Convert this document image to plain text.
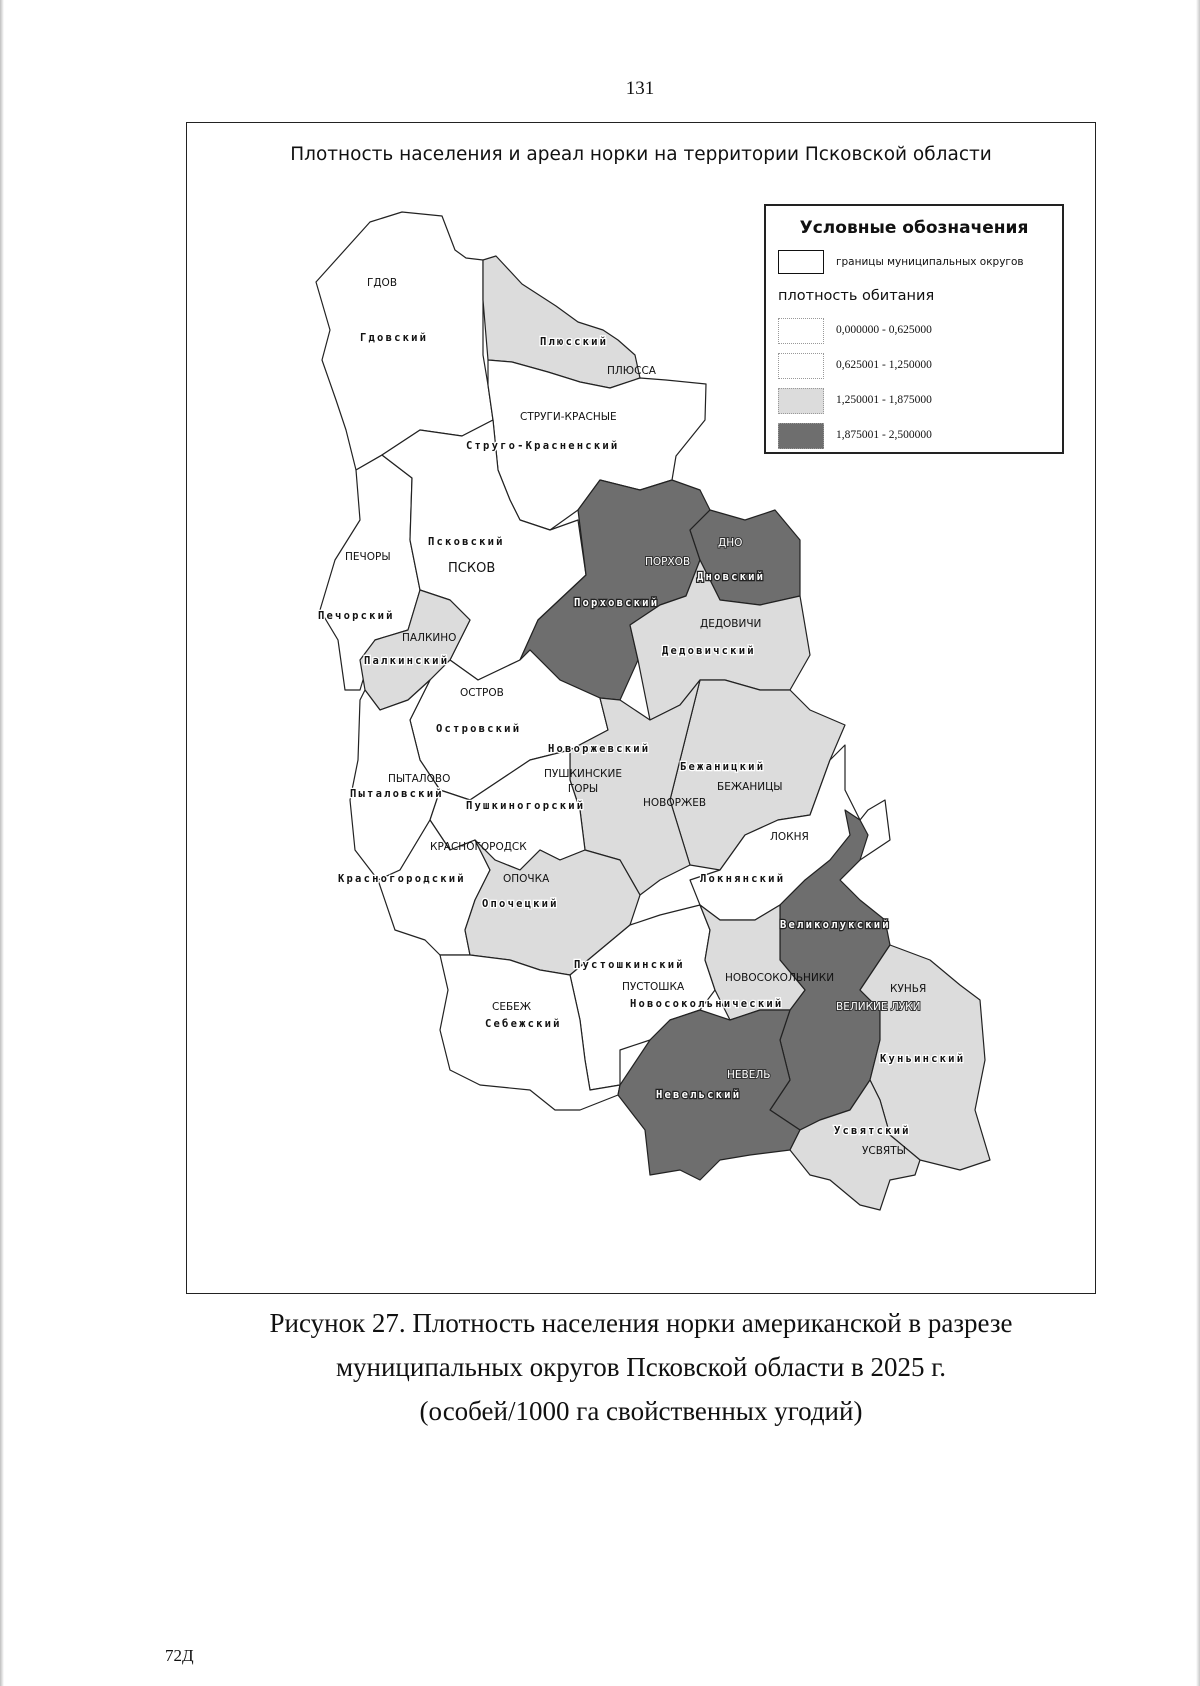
131
Плотность населения и ареал норки на территории Псковской области
ГДОВ
Гдовский	Плюсский
ПЛЮССА
СТРУГИ-КРАСНЫЕ
Струго-Красненский
Псковский
ПСКОВ
ПЕЧОРЫ
Печорский
ПАЛКИНО
Палкинский
ПОРХОВ
Порховский
ДНО
Дновский
ДЕДОВИЧИ
Дедовичский
ОСТРОВ
Островский
Новоржевский
Бежаницкий
БЕЖАНИЦЫ
ПЫТАЛОВО
Пыталовский
ПУШКИНСКИЕ
ГОРЫ
Пушкиногорский	НОВОРЖЕВ
КРАСНОГОРОДСК
Красногородский	ОПОЧКА
Опочецкий
ЛОКНЯ
Локнянский
Великолукский
Пустошкинский
НОВОСОКОЛЬНИКИ
КУНЬЯ
ПУСТОШКА
ВЕЛИКИЕ ЛУКИ
СЕБЕЖ	Новосокольнический
Себежский
Куньинский
НЕВЕЛЬ
Невельский
Усвятский
УСВЯТЫ
Условные обозначения
границы муниципальных округов
плотность обитания
0,000000 - 0,625000
0,625001 - 1,250000
1,250001 - 1,875000
1,875001 - 2,500000
Рисунок 27. Плотность населения норки американской в разрезе
муниципальных округов Псковской области в 2025 г.
(особей/1000 га свойственных угодий)
72Д
